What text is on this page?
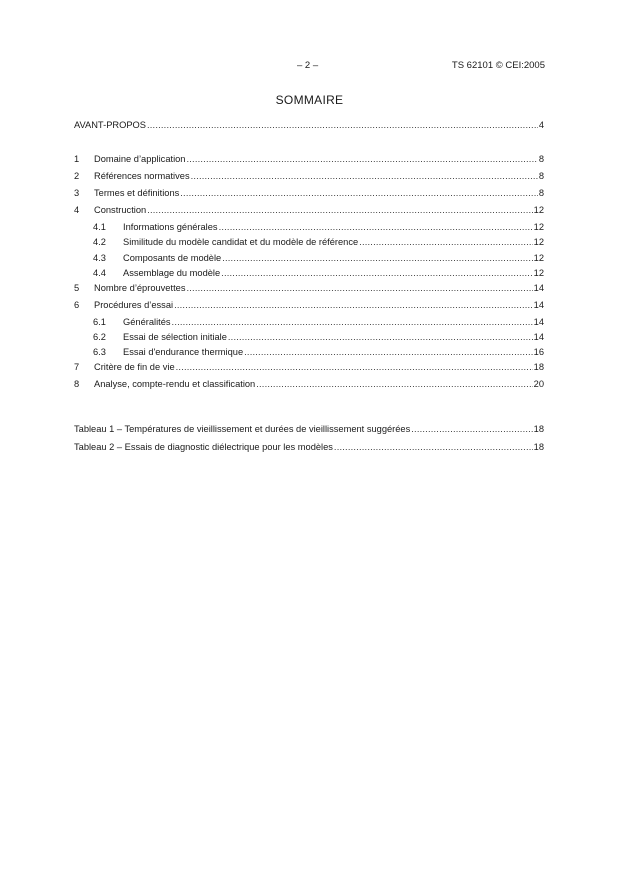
– 2 –	TS 62101 © CEI:2005
SOMMAIRE
AVANT-PROPOS .....	4
1	Domaine d’application .....	8
2	Références normatives .....	8
3	Termes et définitions .....	8
4	Construction .....	12
4.1	Informations générales .....	12
4.2	Similitude du modèle candidat et du modèle de référence .....	12
4.3	Composants de modèle .....	12
4.4	Assemblage du modèle .....	12
5	Nombre d’éprouvettes .....	14
6	Procédures d’essai .....	14
6.1	Généralités .....	14
6.2	Essai de sélection initiale .....	14
6.3	Essai d'endurance thermique .....	16
7	Critère de fin de vie .....	18
8	Analyse, compte-rendu et classification .....	20
Tableau 1 – Températures de vieillissement et durées de vieillissement suggérées .....	18
Tableau 2 – Essais de diagnostic diélectrique pour les modèles .....	18
